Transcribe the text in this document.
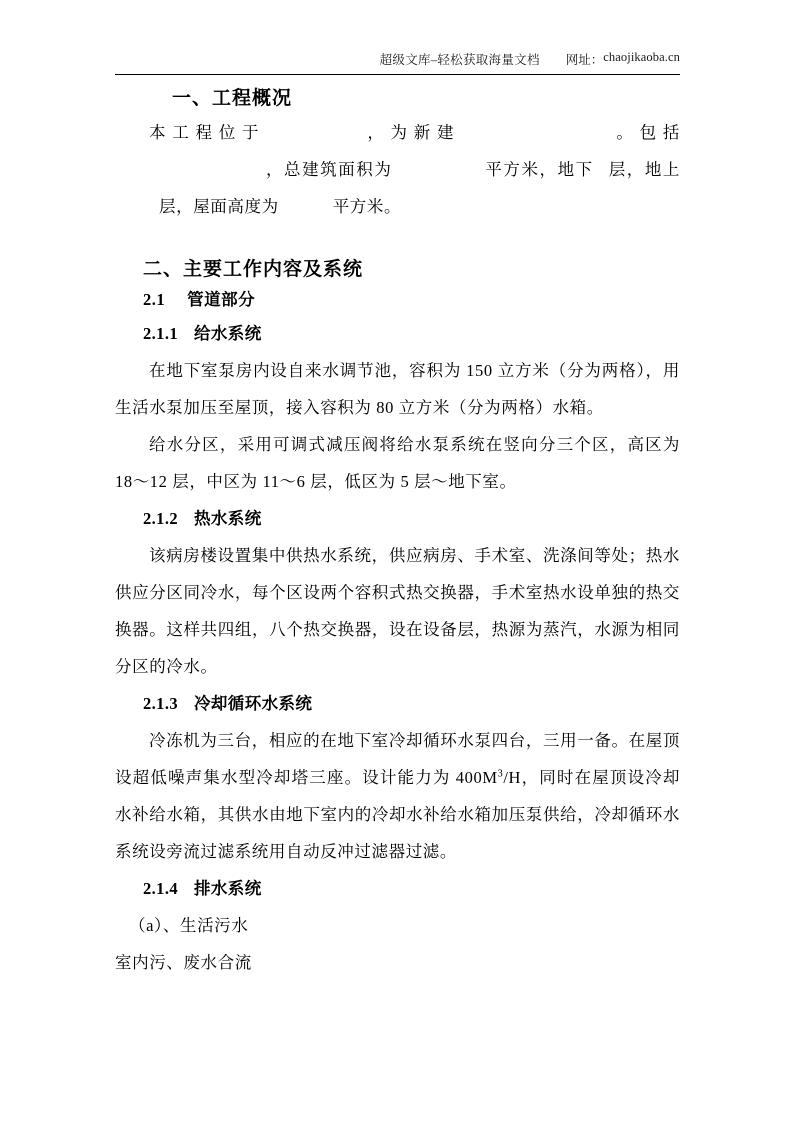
超级文库–轻松获取海量文档 网址： chaojikaoba.cn
一、工程概况

本工程位于	，为新建	。包括，总建筑面积为	平方米，地下 层，地上层，屋面高度为	平方米。

二、主要工作内容及系统
2.1 管道部分
2.1.1 给水系统

在地下室泵房内设自来水调节池，容积为 150 立方米（分为两格），用生活水泵加压至屋顶，接入容积为 80 立方米（分为两格）水箱。

给水分区，采用可调式减压阀将给水泵系统在竖向分三个区，高区为 18～12 层，中区为 11～6 层，低区为 5 层～地下室。

2.1.2 热水系统

该病房楼设置集中供热水系统，供应病房、手术室、洗涤间等处；热水供应分区同冷水，每个区设两个容积式热交换器，手术室热水设单独的热交换器。这样共四组，八个热交换器，设在设备层，热源为蒸汽，水源为相同分区的冷水。

2.1.3 冷却循环水系统

冷冻机为三台，相应的在地下室冷却循环水泵四台，三用一备。在屋顶设超低噪声集水型冷却塔三座。设计能力为 $400M^3/H$，同时在屋顶设冷却水补给水箱，其供水由地下室内的冷却水补给水箱加压泵供给，冷却循环水系统设旁流过滤系统用自动反冲过滤器过滤。

2.1.4 排水系统

（a）、生活污水

室内污、废水合流
